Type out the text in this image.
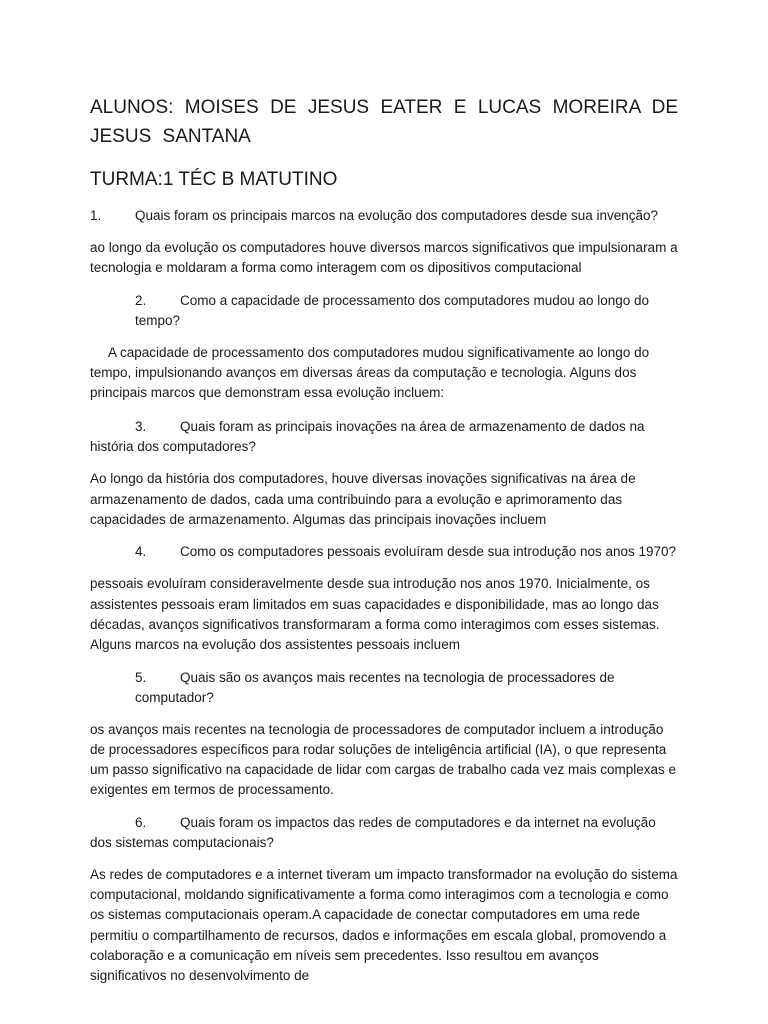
ALUNOS: MOISES DE JESUS EATER E LUCAS MOREIRA DE JESUS SANTANA

TURMA:1 TÉC B MATUTINO

1. Quais foram os principais marcos na evolução dos computadores desde sua invenção?

ao longo da evolução os computadores houve diversos marcos significativos que impulsionaram a tecnologia e moldaram a forma como interagem com os dipositivos computacional

2. Como a capacidade de processamento dos computadores mudou ao longo do tempo?

A capacidade de processamento dos computadores mudou significativamente ao longo do tempo, impulsionando avanços em diversas áreas da computação e tecnologia. Alguns dos principais marcos que demonstram essa evolução incluem:

3. Quais foram as principais inovações na área de armazenamento de dados na história dos computadores?

Ao longo da história dos computadores, houve diversas inovações significativas na área de armazenamento de dados, cada uma contribuindo para a evolução e aprimoramento das capacidades de armazenamento. Algumas das principais inovações incluem

4. Como os computadores pessoais evoluíram desde sua introdução nos anos 1970?

pessoais evoluíram consideravelmente desde sua introdução nos anos 1970. Inicialmente, os assistentes pessoais eram limitados em suas capacidades e disponibilidade, mas ao longo das décadas, avanços significativos transformaram a forma como interagimos com esses sistemas. Alguns marcos na evolução dos assistentes pessoais incluem

5. Quais são os avanços mais recentes na tecnologia de processadores de computador?

os avanços mais recentes na tecnologia de processadores de computador incluem a introdução de processadores específicos para rodar soluções de inteligência artificial (IA), o que representa um passo significativo na capacidade de lidar com cargas de trabalho cada vez mais complexas e exigentes em termos de processamento.

6. Quais foram os impactos das redes de computadores e da internet na evolução dos sistemas computacionais?

As redes de computadores e a internet tiveram um impacto transformador na evolução do sistema computacional, moldando significativamente a forma como interagimos com a tecnologia e como os sistemas computacionais operam.A capacidade de conectar computadores em uma rede permitiu o compartilhamento de recursos, dados e informações em escala global, promovendo a colaboração e a comunicação em níveis sem precedentes. Isso resultou em avanços significativos no desenvolvimento de
